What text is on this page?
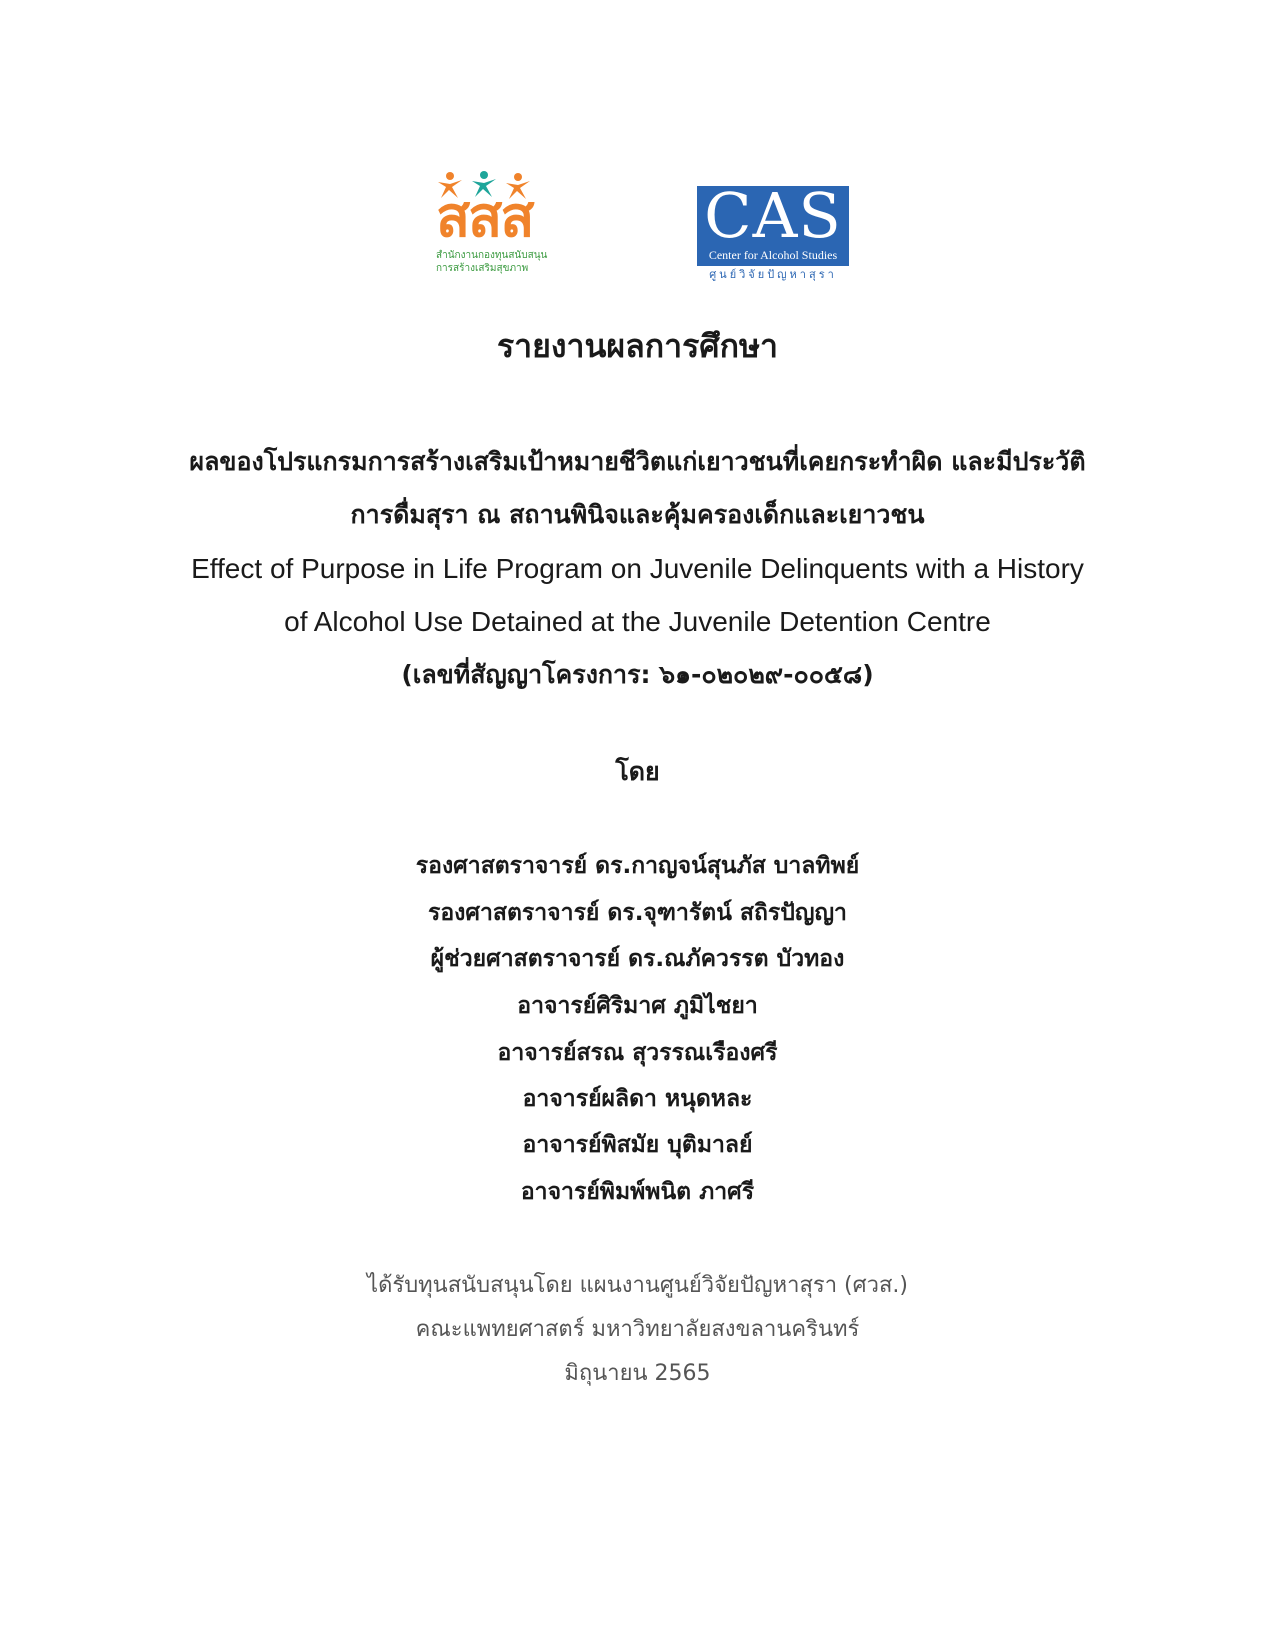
สสส
สำนักงานกองทุนสนับสนุน
การสร้างเสริมสุขภาพ
CAS
Center for Alcohol Studies
ศูนย์วิจัยปัญหาสุรา
รายงานผลการศึกษา
ผลของโปรแกรมการสร้างเสริมเป้าหมายชีวิตแก่เยาวชนที่เคยกระทำผิด และมีประวัติ
การดื่มสุรา ณ สถานพินิจและคุ้มครองเด็กและเยาวชน
Effect of Purpose in Life Program on Juvenile Delinquents with a History
of Alcohol Use Detained at the Juvenile Detention Centre
(เลขที่สัญญาโครงการ: ๖๑-๐๒๐๒๙-๐๐๕๘)
โดย
รองศาสตราจารย์ ดร.กาญจน์สุนภัส บาลทิพย์
รองศาสตราจารย์ ดร.จุฑารัตน์ สถิรปัญญา
ผู้ช่วยศาสตราจารย์ ดร.ณภัควรรต บัวทอง
อาจารย์ศิริมาศ ภูมิไชยา
อาจารย์สรณ สุวรรณเรืองศรี
อาจารย์ผลิดา หนุดหละ
อาจารย์พิสมัย บุติมาลย์
อาจารย์พิมพ์พนิต ภาศรี
ได้รับทุนสนับสนุนโดย แผนงานศูนย์วิจัยปัญหาสุรา (ศวส.)
คณะแพทยศาสตร์ มหาวิทยาลัยสงขลานครินทร์
มิถุนายน 2565
